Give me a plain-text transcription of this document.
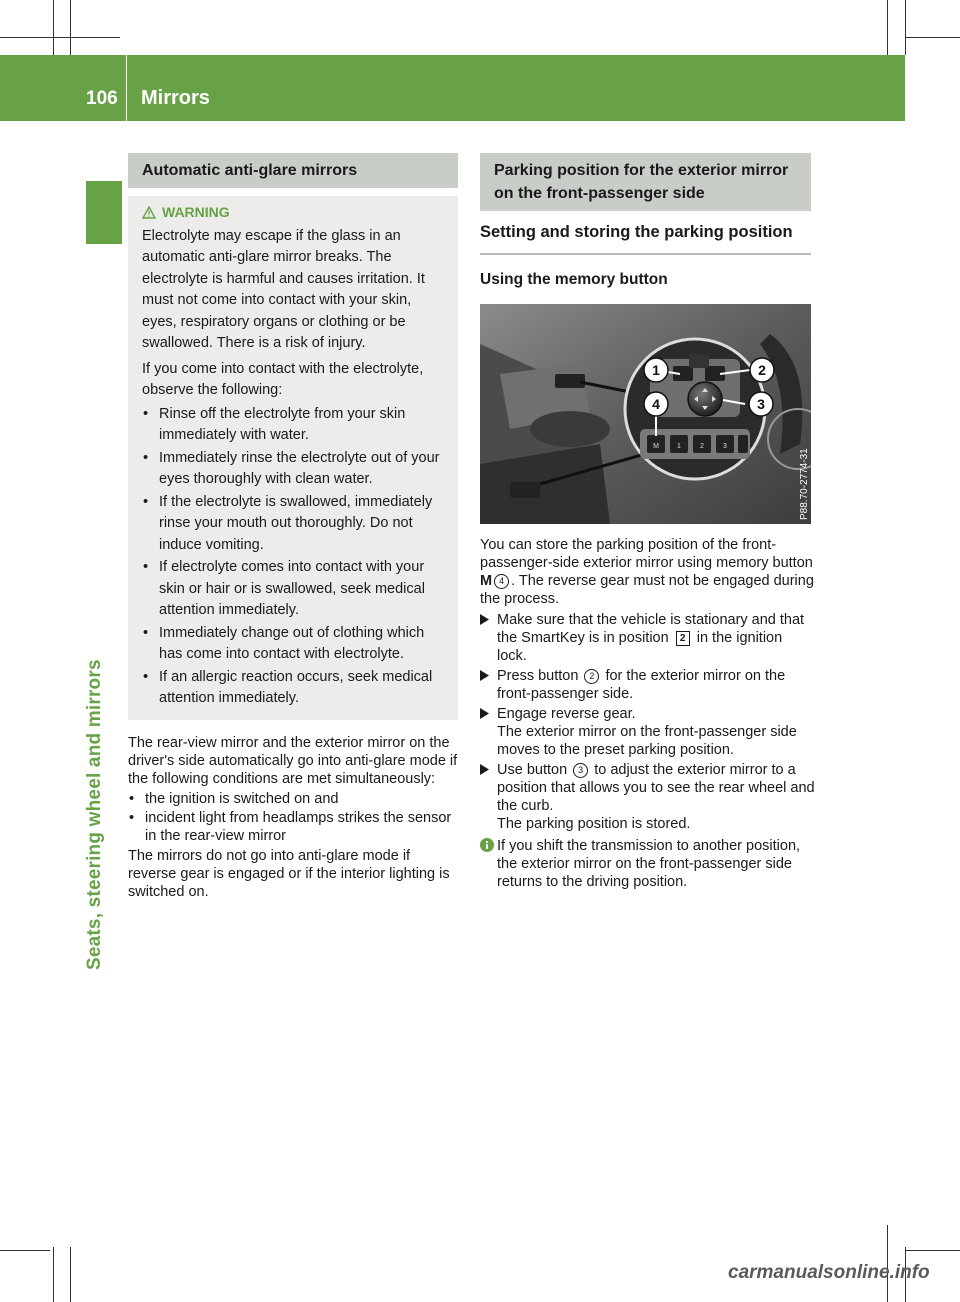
106 Mirrors
Seats, steering wheel and mirrors
Automatic anti-glare mirrors
WARNING

Electrolyte may escape if the glass in an automatic anti-glare mirror breaks. The electrolyte is harmful and causes irritation. It must not come into contact with your skin, eyes, respiratory organs or clothing or be swallowed. There is a risk of injury.

If you come into contact with the electrolyte, observe the following:

• Rinse off the electrolyte from your skin immediately with water.
• Immediately rinse the electrolyte out of your eyes thoroughly with clean water.
• If the electrolyte is swallowed, immediately rinse your mouth out thoroughly. Do not induce vomiting.
• If electrolyte comes into contact with your skin or hair or is swallowed, seek medical attention immediately.
• Immediately change out of clothing which has come into contact with electrolyte.
• If an allergic reaction occurs, seek medical attention immediately.

The rear-view mirror and the exterior mirror on the driver's side automatically go into anti-glare mode if the following conditions are met simultaneously:

• the ignition is switched on and
• incident light from headlamps strikes the sensor in the rear-view mirror

The mirrors do not go into anti-glare mode if reverse gear is engaged or if the interior lighting is switched on.

Parking position for the exterior mirror on the front-passenger side
Setting and storing the parking position
Using the memory button
1	2
3
4
M	1	2	3
P88.70-2774-31

You can store the parking position of the front-passenger-side exterior mirror using memory button M 4 . The reverse gear must not be engaged during the process.

Make sure that the vehicle is stationary and that the SmartKey is in position 2 in the ignition lock.
Press button 2 for the exterior mirror on the front-passenger side.
Engage reverse gear.
The exterior mirror on the front-passenger side moves to the preset parking position.
Use button 3 to adjust the exterior mirror to a position that allows you to see the rear wheel and the curb.
The parking position is stored.
If you shift the transmission to another position, the exterior mirror on the front-passenger side returns to the driving position.
carmanualsonline.info
